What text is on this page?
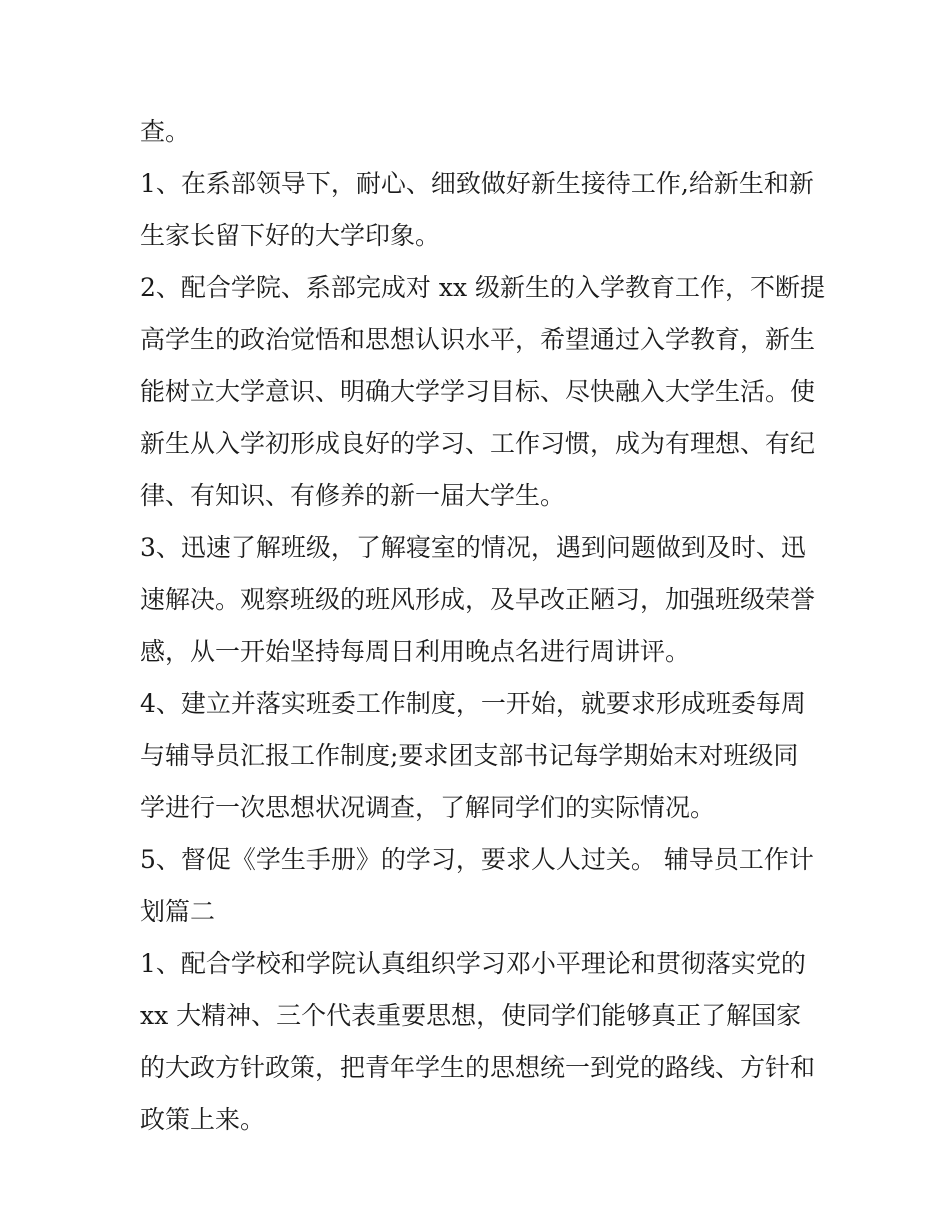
查。
1、在系部领导下，耐心、细致做好新生接待工作,给新生和新
生家长留下好的大学印象。
2、配合学院、系部完成对 xx 级新生的入学教育工作，不断提
高学生的政治觉悟和思想认识水平，希望通过入学教育，新生
能树立大学意识、明确大学学习目标、尽快融入大学生活。使
新生从入学初形成良好的学习、工作习惯，成为有理想、有纪
律、有知识、有修养的新一届大学生。
3、迅速了解班级，了解寝室的情况，遇到问题做到及时、迅
速解决。观察班级的班风形成，及早改正陋习，加强班级荣誉
感，从一开始坚持每周日利用晚点名进行周讲评。
4、建立并落实班委工作制度，一开始，就要求形成班委每周
与辅导员汇报工作制度;要求团支部书记每学期始末对班级同
学进行一次思想状况调查，了解同学们的实际情况。
5、督促《学生手册》的学习，要求人人过关。 辅导员工作计
划篇二
1、配合学校和学院认真组织学习邓小平理论和贯彻落实党的
xx 大精神、三个代表重要思想，使同学们能够真正了解国家
的大政方针政策，把青年学生的思想统一到党的路线、方针和
政策上来。
